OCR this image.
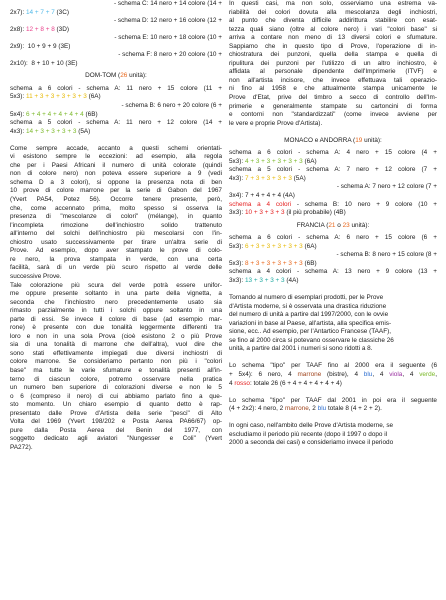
- schema C: 14 nero + 14 colore (14 +
2x7): 14 + 7 + 7 (3C)
- schema D: 12 nero + 16 colore (12 +
2x8): 12 + 8 + 8 (3D)
- schema E: 10 nero + 18 colore (10 +
2x9):  10 + 9 + 9 (3E)
- schema F: 8 nero + 20 colore (10 +
2x10):  8 + 10 + 10 (3E)
DOM-TOM (26 unità):
schema a 6 colori - schema A: 11 nero + 15 colore (11 +
5x3): 11 + 3 + 3 + 3 + 3 + 3 (6A)
- schema B: 6 nero + 20 colore (6 +
5x4): 6 + 4 + 4 + 4 + 4 + 4 (6B)
schema a 5 colori - schema A: 11 nero + 12 colore (14 +
4x3): 14 + 3 + 3 + 3 + 3 (5A)
Come sempre accade, accanto a questi schemi orientati-
vi esistono sempre le eccezioni: ad esempio, alla regola
che per i Paesi Africani il numero di unità colorate (quindi
non di colore nero) non poteva essere superiore a 9 (vedi
schema D a 3 colori), si oppone la presenza nota di ben
10 prove di colore marrone per la serie di Gabon del 1967
(Yvert PA54, Potez 56). Occorre tenere presente, però,
che, come accennato prima, molto spesso si osserva la
presenza di "mescolanze di colori" (mélange), in quanto
l'incompleta rimozione dell'inchiostro solido trattenuto
all'interno del solchi dell'inchiostro più mescolarsi con l'in-
chiostro usato successivamente per tirare un'altra serie di
Prove. Ad esempio, dopo aver stampato le prove di colo-
re nero, la prova stampata in verde, con una certa
facilità, sarà di un verde più scuro rispetto al verde delle
successive Prove.
Tale colorazione più scura del verde potrà essere unifor-
me oppure presente soltanto in una parte della vignetta, a
seconda che l'inchiostro nero precedentemente usato sia
rimasto parzialmente in tutti i solchi oppure soltanto in una
parte di essi. Se invece il colore di base (ad esempio mar-
rone) è presente con due tonalità leggermente differenti tra
loro e non in una sola Prova (cioè esistono 2 o più Prove
sia di una tonalità di marrone che dell'altra), vuol dire che
sono stati effettivamente impiegati due diversi inchiostri di
colore marrone. Se consideriamo pertanto non più i "colori
base" ma tutte le varie sfumature e tonalità presenti all'in-
terno di ciascun colore, potremo osservare nella pratica
un numero ben superiore di colorazioni diverse e non le 5
o 6 (compreso il nero) di cui abbiamo parlato fino a que-
sto momento. Un chiaro esempio di quanto detto è rap-
presentato dalle Prove d'Artista della serie "pesci" di Alto
Volta del 1969 (Yvert 198/202 e Posta Aerea PA66/67) op-
pure dalla Posta Aerea del Benin del 1977, con
soggetto dedicato agli aviatori "Nungesser e Coli" (Yvert
PA272).
In questi casi, ma non solo, osserviamo una estrema va-
riabilità dei colori dovuta alla mescolanza degli inchiostri,
al punto che diventa difficile addirittura stabilire con esat-
tezza quali siano (oltre al colore nero) i vari "colori base" si
arriva a contare non meno di 13 diversi colori e sfumature.
Sappiamo che in questo tipo di Prove, l'operazione di in-
chiostratura dei punzoni, quella della stampa e quella di
ripulitura dei punzoni per l'utilizzo di un altro inchiostro, è
affidata al personale dipendente dell'Imprimerie (ITVF) e
non all'artista incisore, che invece effettuava tali operazio-
ni fino al 1958 e che attualmente stampa unicamente le
Prove d'Etat, prive del timbro a secco di controllo dell'Im-
primerie e generalmente stampate su cartoncini di forma
e contorni non "standardizzati" (come invece avviene per
le vere e proprie Prove d'Artista).
MONACO e ANDORRA (19 unità):
schema a 6 colori - schema A: 4 nero + 15 colore (4 +
5x3): 4 + 3 + 3 + 3 + 3 + 3 (6A)
schema a 5 colori - schema A: 7 nero + 12 colore (7 +
4x3): 7 + 3 + 3 + 3 + 3 (5A)
- schema A: 7 nero + 12 colore (7 +
3x4): 7 + 4 + 4 + 4 (4A)
schema a 4 colori - schema B: 10 nero + 9 colore (10 +
3x3): 10 + 3 + 3 + 3 (il più probabile) (4B)
FRANCIA (21 o 23 unità):
schema a 6 colori - schema A: 6 nero + 15 colore (6 +
5x3): 6 + 3 + 3 + 3 + 3 + 3 (6A)
- schema B: 8 nero + 15 colore (8 +
5x3): 8 + 3 + 3 + 3 + 3 + 3 (6B)
schema a 4 colori - schema A: 13 nero + 9 colore (13 +
3x3): 13 + 3 + 3 + 3 (4A)
Tornando al numero di esemplari prodotti, per le Prove
d'Artista moderne, si è osservata una drastica riduzione
del numero di unità a partire dal 1997/2000, con le ovvie
variazioni in base al Paese, all'artista, alla specifica emis-
sione, ecc.. Ad esempio, per l'Antartico Francese (TAAF),
se fino al 2000 circa si potevano osservare le classiche 26
unità, a partire dal 2001 i numeri si sono ridotti a 8.
Lo schema "tipo" per TAAF fino al 2000 era il seguente (6
+ 5x4): 6 nero, 4 marrone (bistre), 4 blu, 4 viola, 4 verde,
4 rosso: totale 26 (6 + 4 + 4 + 4 + 4 + 4)
Lo schema "tipo" per TAAF dal 2001 in poi era il seguente
(4 + 2x2): 4 nero, 2 marrone, 2 blu totale 8 (4 + 2 + 2).
In ogni caso, nell'ambito delle Prove d'Artista moderne, se
escludiamo il periodo più recente (dopo il 1997 o dopo il
2000 a seconda dei casi) e consideriamo invece il periodo
